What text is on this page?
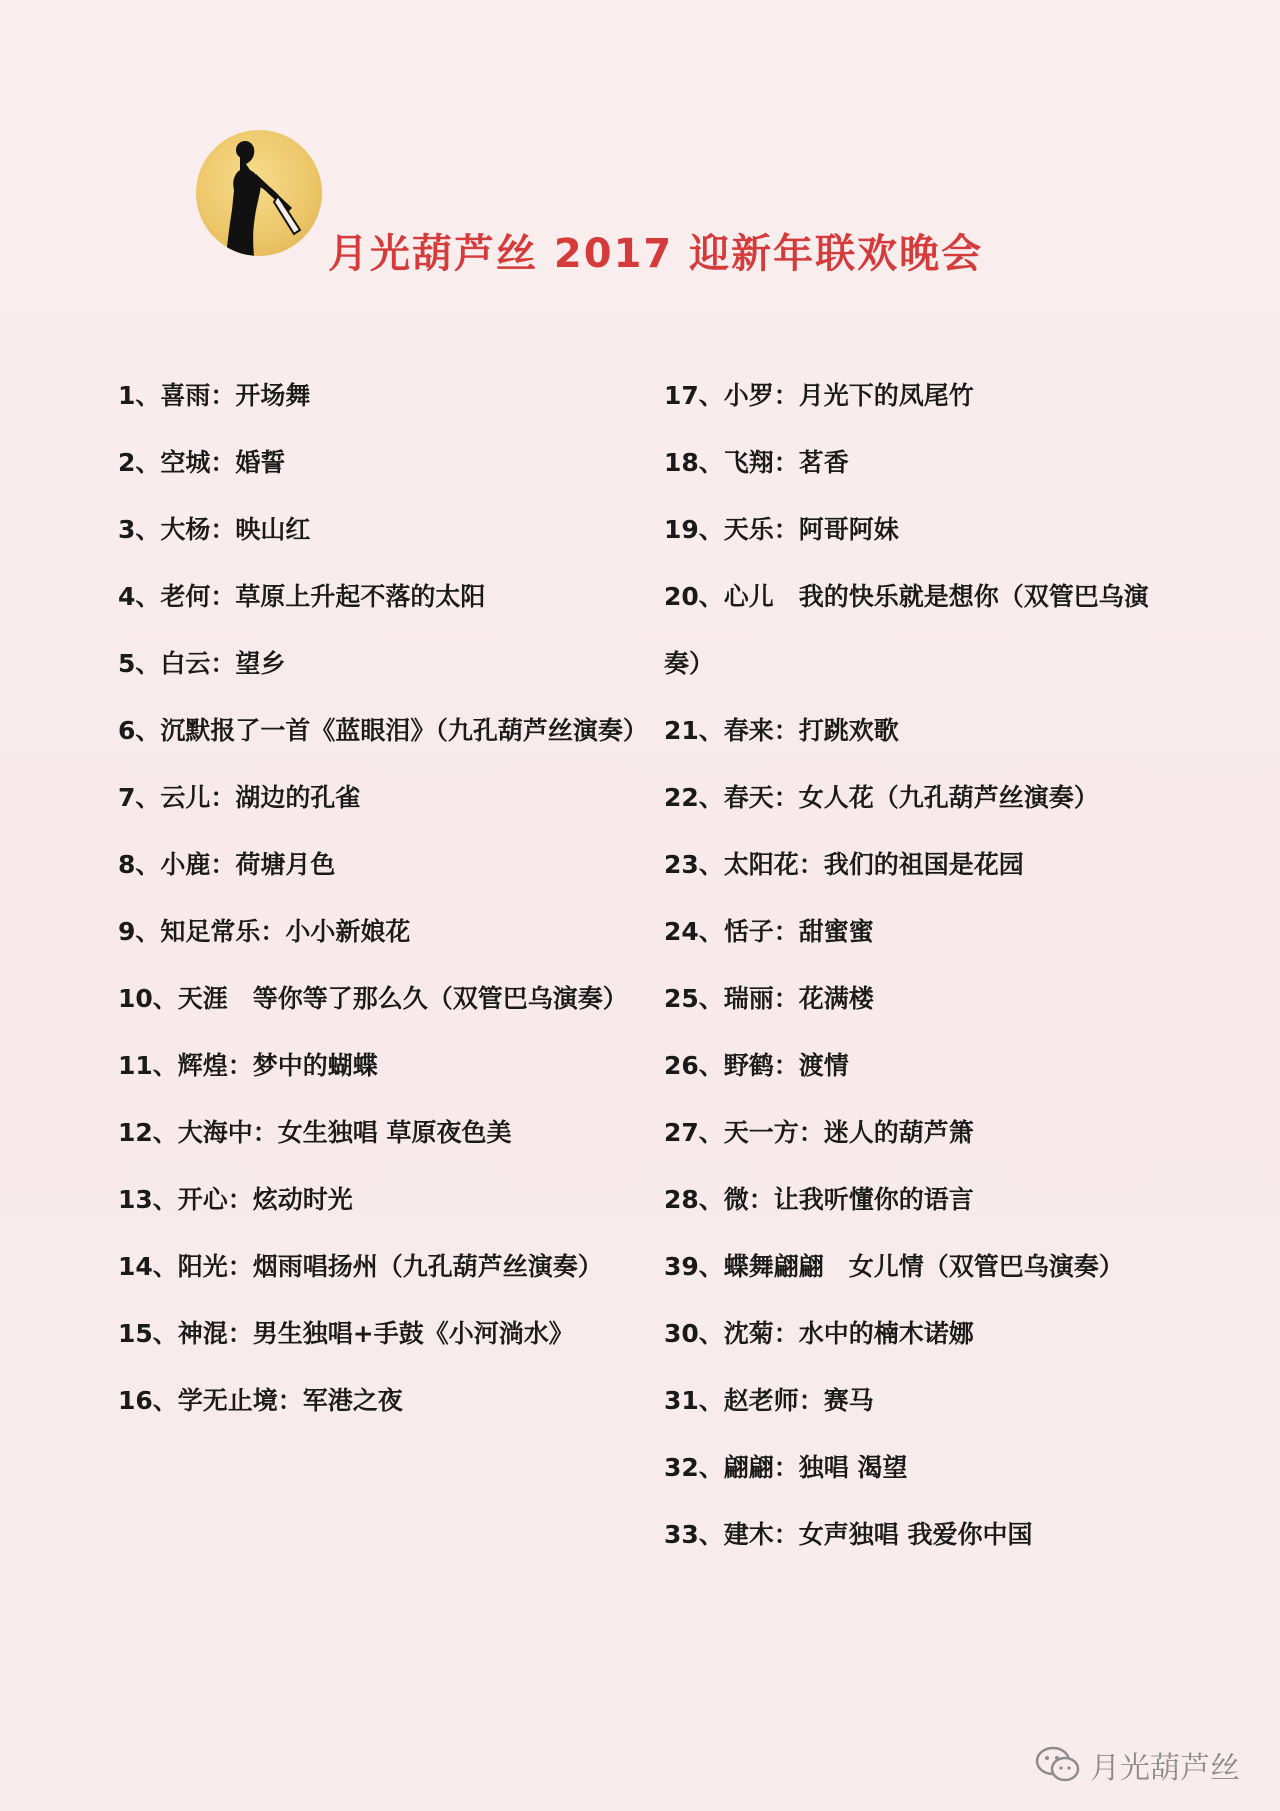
月光葫芦丝 2017 迎新年联欢晚会

1、喜雨：开场舞

2、空城：婚誓

3、大杨：映山红

4、老何：草原上升起不落的太阳

5、白云：望乡

6、沉默报了一首《蓝眼泪》（九孔葫芦丝演奏）

7、云儿：湖边的孔雀

8、小鹿：荷塘月色

9、知足常乐：小小新娘花

10、天涯　等你等了那么久（双管巴乌演奏）

11、辉煌：梦中的蝴蝶

12、大海中：女生独唱 草原夜色美

13、开心：炫动时光

14、阳光：烟雨唱扬州（九孔葫芦丝演奏）

15、神混：男生独唱+手鼓《小河淌水》

16、学无止境：军港之夜

17、小罗：月光下的凤尾竹

18、飞翔：茗香

19、天乐：阿哥阿妹

20、心儿　我的快乐就是想你（双管巴乌演奏）

21、春来：打跳欢歌

22、春天：女人花（九孔葫芦丝演奏）

23、太阳花：我们的祖国是花园

24、恬子：甜蜜蜜

25、瑞丽：花满楼

26、野鹤：渡情

27、天一方：迷人的葫芦箫

28、微：让我听懂你的语言

39、蝶舞翩翩　女儿情（双管巴乌演奏）

30、沈菊：水中的楠木诺娜

31、赵老师：赛马

32、翩翩：独唱 渴望

33、建木：女声独唱 我爱你中国

月光葫芦丝
